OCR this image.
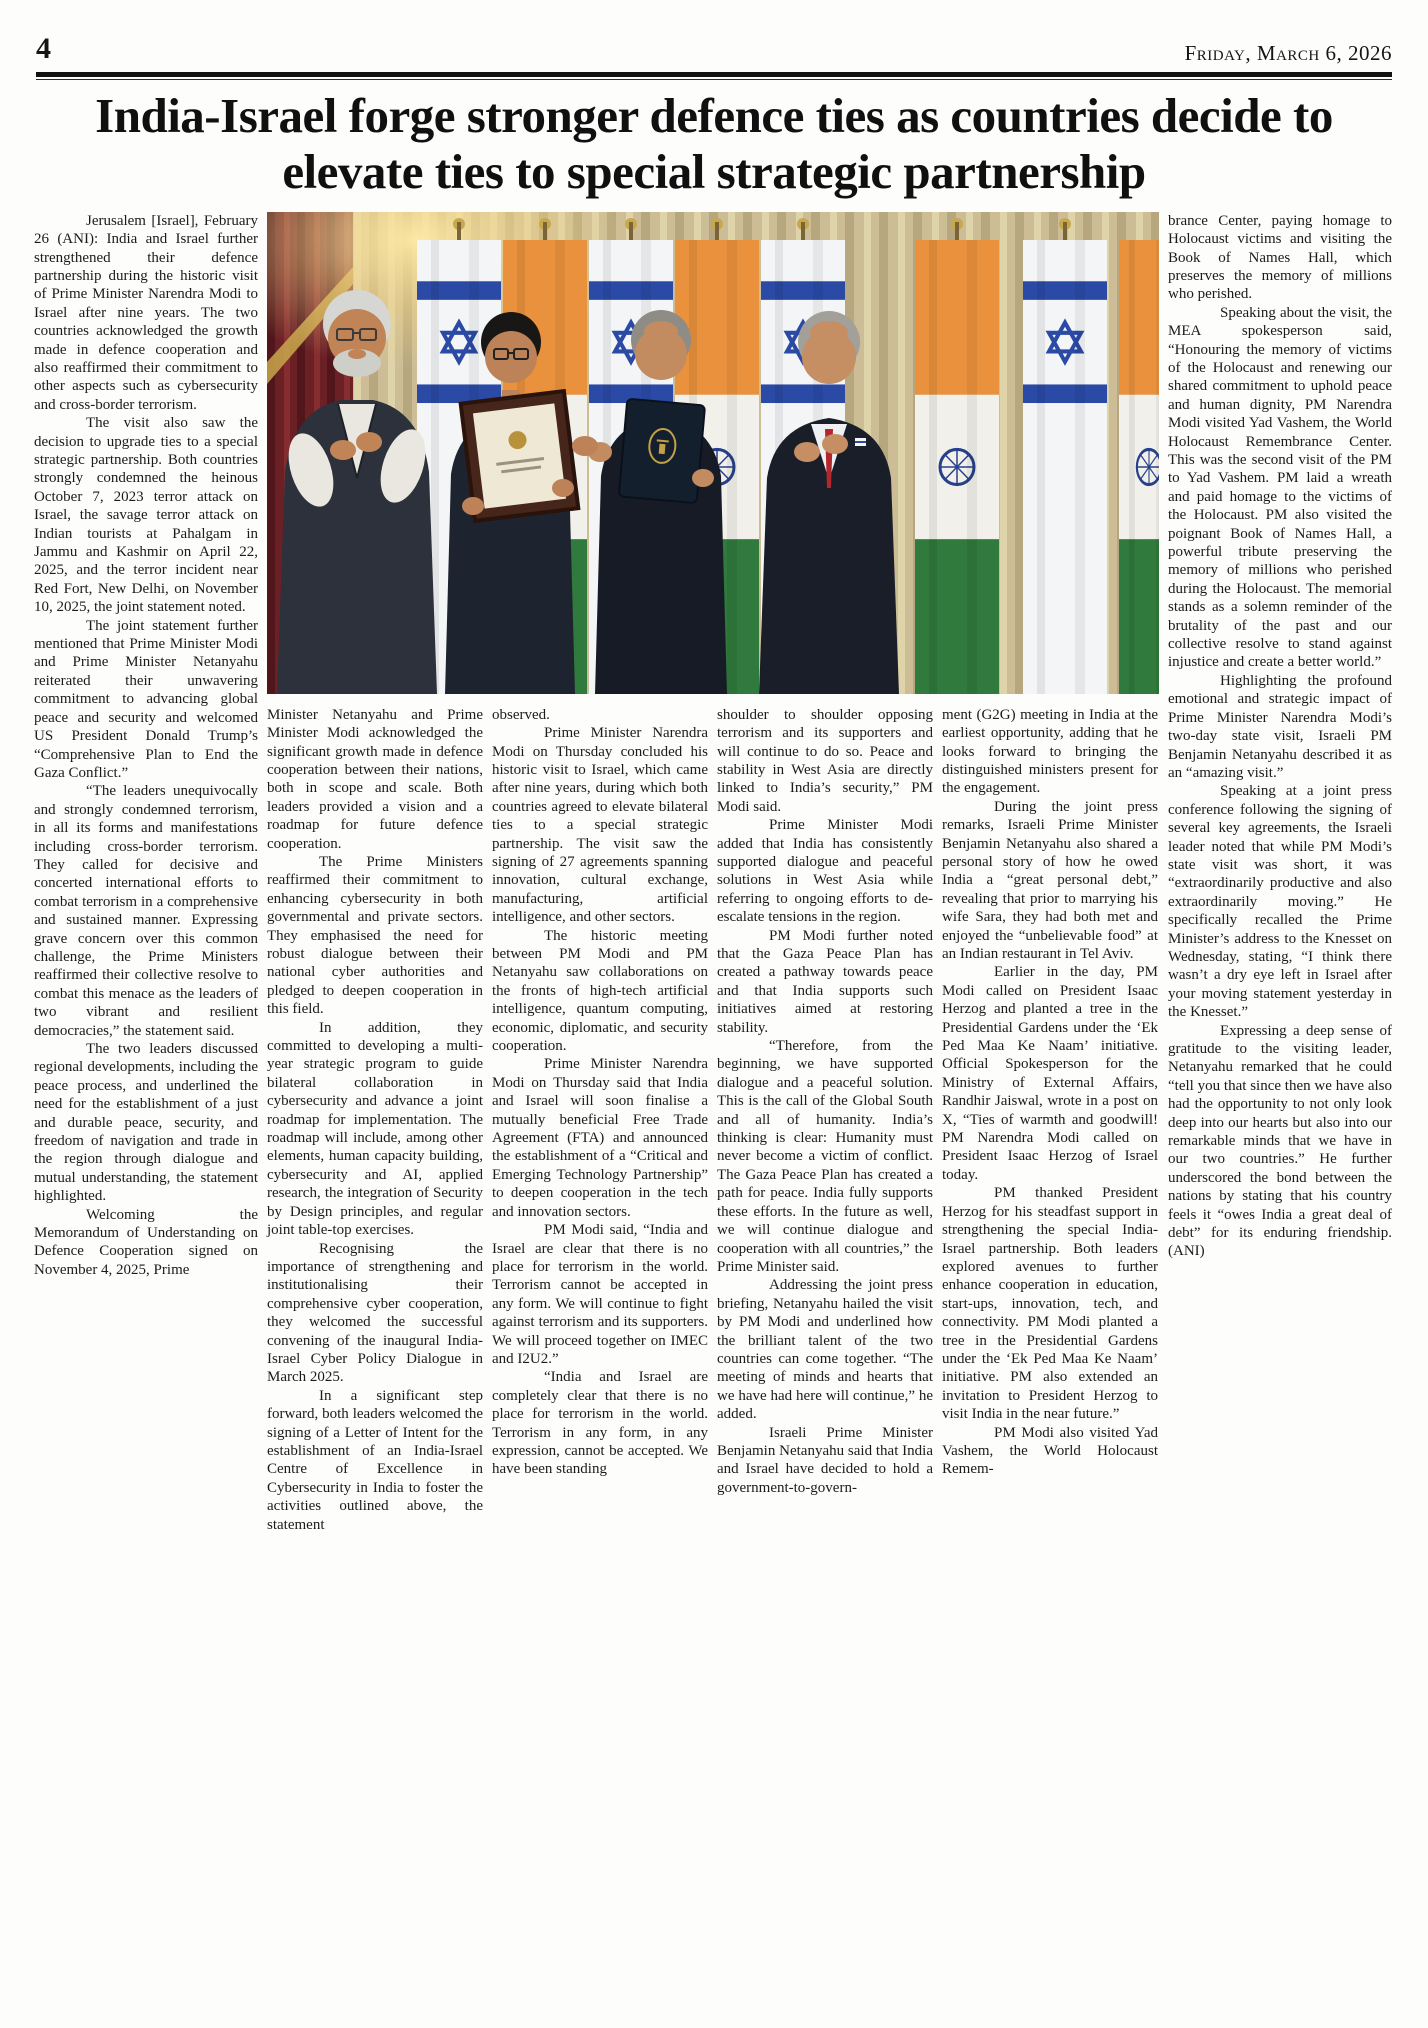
4	Friday, March 6, 2026
India-Israel forge stronger defence ties as countries decide to elevate ties to special strategic partnership

Jerusalem [Israel], February 26 (ANI): India and Israel further strengthened their defence partnership during the historic visit of Prime Minister Narendra Modi to Israel after nine years. The two countries acknowledged the growth made in defence cooperation and also reaffirmed their commitment to other aspects such as cybersecurity and cross-border terrorism.

The visit also saw the decision to upgrade ties to a special strategic partnership. Both countries strongly condemned the heinous October 7, 2023 terror attack on Israel, the savage terror attack on Indian tourists at Pahalgam in Jammu and Kashmir on April 22, 2025, and the terror incident near Red Fort, New Delhi, on November 10, 2025, the joint statement noted.

The joint statement further mentioned that Prime Minister Modi and Prime Minister Netanyahu reiterated their unwavering commitment to advancing global peace and security and welcomed US President Donald Trump’s “Comprehensive Plan to End the Gaza Conflict.”

“The leaders unequivocally and strongly condemned terrorism, in all its forms and manifestations including cross-border terrorism. They called for decisive and concerted international efforts to combat terrorism in a comprehensive and sustained manner. Expressing grave concern over this common challenge, the Prime Ministers reaffirmed their collective resolve to combat this menace as the leaders of two vibrant and resilient democracies,” the statement said.

The two leaders discussed regional developments, including the peace process, and underlined the need for the establishment of a just and durable peace, security, and freedom of navigation and trade in the region through dialogue and mutual understanding, the statement highlighted.

Welcoming the Memorandum of Understanding on Defence Cooperation signed on November 4, 2025, Prime

Minister Netanyahu and Prime Minister Modi acknowledged the significant growth made in defence cooperation between their nations, both in scope and scale. Both leaders provided a vision and a roadmap for future defence cooperation.

The Prime Ministers reaffirmed their commitment to enhancing cybersecurity in both governmental and private sectors. They emphasised the need for robust dialogue between their national cyber authorities and pledged to deepen cooperation in this field.

In addition, they committed to developing a multi-year strategic program to guide bilateral collaboration in cybersecurity and advance a joint roadmap for implementation. The roadmap will include, among other elements, human capacity building, cybersecurity and AI, applied research, the integration of Security by Design principles, and regular joint table-top exercises.

Recognising the importance of strengthening and institutionalising their comprehensive cyber cooperation, they welcomed the successful convening of the inaugural India-Israel Cyber Policy Dialogue in March 2025.

In a significant step forward, both leaders welcomed the signing of a Letter of Intent for the establishment of an India-Israel Centre of Excellence in Cybersecurity in India to foster the activities outlined above, the statement

observed.

Prime Minister Narendra Modi on Thursday concluded his historic visit to Israel, which came after nine years, during which both countries agreed to elevate bilateral ties to a special strategic partnership. The visit saw the signing of 27 agreements spanning innovation, cultural exchange, manufacturing, artificial intelligence, and other sectors.

The historic meeting between PM Modi and PM Netanyahu saw collaborations on the fronts of high-tech artificial intelligence, quantum computing, economic, diplomatic, and security cooperation.

Prime Minister Narendra Modi on Thursday said that India and Israel will soon finalise a mutually beneficial Free Trade Agreement (FTA) and announced the establishment of a “Critical and Emerging Technology Partnership” to deepen cooperation in the tech and innovation sectors.

PM Modi said, “India and Israel are clear that there is no place for terrorism in the world. Terrorism cannot be accepted in any form. We will continue to fight against terrorism and its supporters. We will proceed together on IMEC and I2U2.”

“India and Israel are completely clear that there is no place for terrorism in the world. Terrorism in any form, in any expression, cannot be accepted. We have been standing

shoulder to shoulder opposing terrorism and its supporters and will continue to do so. Peace and stability in West Asia are directly linked to India’s security,” PM Modi said.

Prime Minister Modi added that India has consistently supported dialogue and peaceful solutions in West Asia while referring to ongoing efforts to de-escalate tensions in the region.

PM Modi further noted that the Gaza Peace Plan has created a pathway towards peace and that India supports such initiatives aimed at restoring stability.

“Therefore, from the beginning, we have supported dialogue and a peaceful solution. This is the call of the Global South and all of humanity. India’s thinking is clear: Humanity must never become a victim of conflict. The Gaza Peace Plan has created a path for peace. India fully supports these efforts. In the future as well, we will continue dialogue and cooperation with all countries,” the Prime Minister said.

Addressing the joint press briefing, Netanyahu hailed the visit by PM Modi and underlined how the brilliant talent of the two countries can come together. “The meeting of minds and hearts that we have had here will continue,” he added.

Israeli Prime Minister Benjamin Netanyahu said that India and Israel have decided to hold a government-to-govern-

ment (G2G) meeting in India at the earliest opportunity, adding that he looks forward to bringing the distinguished ministers present for the engagement.

During the joint press remarks, Israeli Prime Minister Benjamin Netanyahu also shared a personal story of how he owed India a “great personal debt,” revealing that prior to marrying his wife Sara, they had both met and enjoyed the “unbelievable food” at an Indian restaurant in Tel Aviv.

Earlier in the day, PM Modi called on President Isaac Herzog and planted a tree in the Presidential Gardens under the ‘Ek Ped Maa Ke Naam’ initiative. Official Spokesperson for the Ministry of External Affairs, Randhir Jaiswal, wrote in a post on X, “Ties of warmth and goodwill! PM Narendra Modi called on President Isaac Herzog of Israel today.

PM thanked President Herzog for his steadfast support in strengthening the special India-Israel partnership. Both leaders explored avenues to further enhance cooperation in education, start-ups, innovation, tech, and connectivity. PM Modi planted a tree in the Presidential Gardens under the ‘Ek Ped Maa Ke Naam’ initiative. PM also extended an invitation to President Herzog to visit India in the near future.”

PM Modi also visited Yad Vashem, the World Holocaust Remem-

brance Center, paying homage to Holocaust victims and visiting the Book of Names Hall, which preserves the memory of millions who perished.

Speaking about the visit, the MEA spokesperson said, “Honouring the memory of victims of the Holocaust and renewing our shared commitment to uphold peace and human dignity, PM Narendra Modi visited Yad Vashem, the World Holocaust Remembrance Center. This was the second visit of the PM to Yad Vashem. PM laid a wreath and paid homage to the victims of the Holocaust. PM also visited the poignant Book of Names Hall, a powerful tribute preserving the memory of millions who perished during the Holocaust. The memorial stands as a solemn reminder of the brutality of the past and our collective resolve to stand against injustice and create a better world.”

Highlighting the profound emotional and strategic impact of Prime Minister Narendra Modi’s two-day state visit, Israeli PM Benjamin Netanyahu described it as an “amazing visit.”

Speaking at a joint press conference following the signing of several key agreements, the Israeli leader noted that while PM Modi’s state visit was short, it was “extraordinarily productive and also extraordinarily moving.” He specifically recalled the Prime Minister’s address to the Knesset on Wednesday, stating, “I think there wasn’t a dry eye left in Israel after your moving statement yesterday in the Knesset.”

Expressing a deep sense of gratitude to the visiting leader, Netanyahu remarked that he could “tell you that since then we have also had the opportunity to not only look deep into our hearts but also into our remarkable minds that we have in our two countries.” He further underscored the bond between the nations by stating that his country feels it “owes India a great deal of debt” for its enduring friendship. (ANI)
